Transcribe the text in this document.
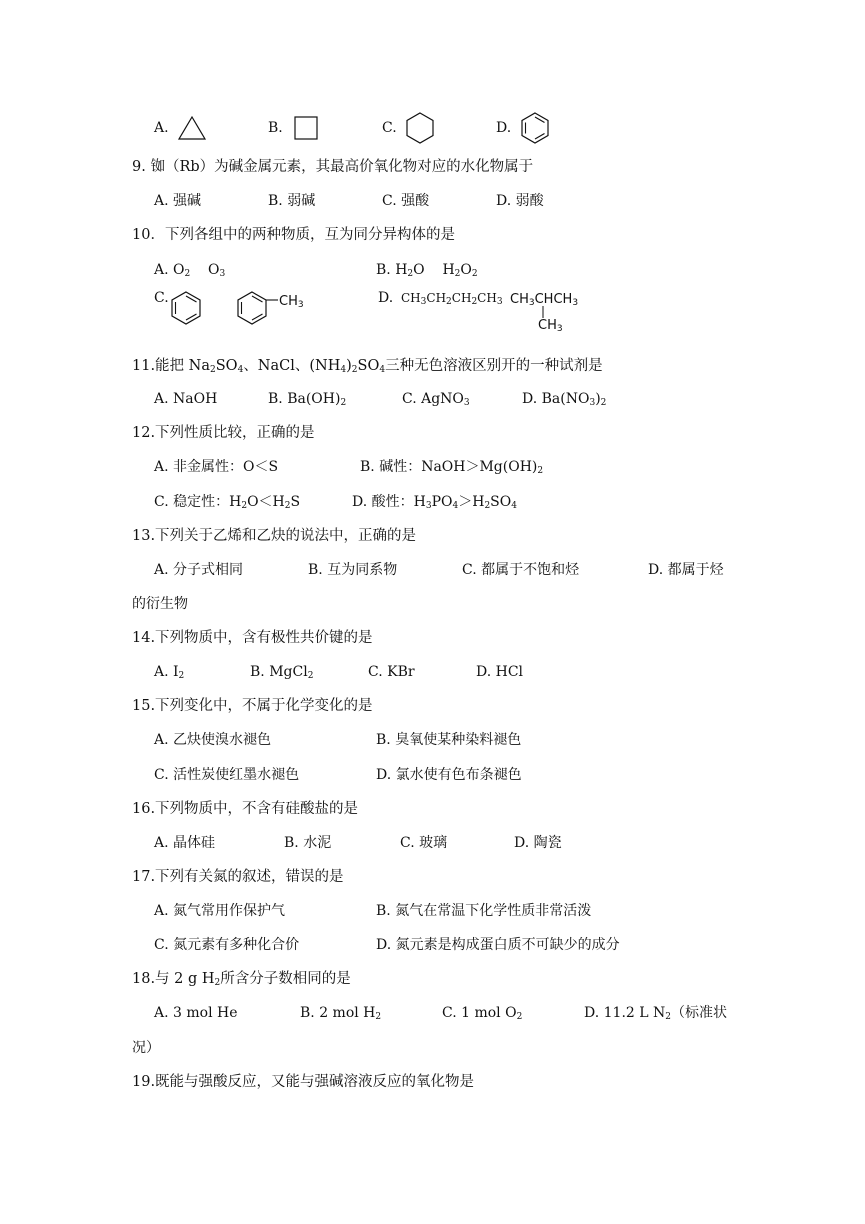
A.	B.	C.	D.
9. 铷（Rb）为碱金属元素，其最高价氧化物对应的水化物属于
A. 强碱	B. 弱碱	C. 强酸	D. 弱酸
10．下列各组中的两种物质，互为同分异构体的是
A. $O_2$ $O_3$	B. $H_2O$ $H_2O_2$
C.	$CH_3$	D. $CH_3CH_2CH_2CH_3$ $CH_3CHCH_3$
$CH_3$
11.能把 $Na_2SO_4$、NaCl、$(NH_4)_2SO_4$三种无色溶液区别开的一种试剂是
A. NaOH	B. $Ba(OH)_2$	C. AgNO$_3$	D. $Ba(NO_3)_2$
12.下列性质比较，正确的是
A. 非金属性：O＜S	B. 碱性：$NaOH>Mg(OH)_2$
C. 稳定性：$H_2O<H_2S$	D. 酸性：$H_3PO_4>H_2SO_4$
13.下列关于乙烯和乙炔的说法中，正确的是
A. 分子式相同	B. 互为同系物	C. 都属于不饱和烃	D. 都属于烃
的衍生物
14.下列物质中，含有极性共价键的是
A. $I_2$	B. MgCl$_2$	C. KBr	D. HCl
15.下列变化中，不属于化学变化的是
A. 乙炔使溴水褪色	B. 臭氧使某种染料褪色
C. 活性炭使红墨水褪色	D. 氯水使有色布条褪色
16.下列物质中，不含有硅酸盐的是
A. 晶体硅	B. 水泥	C. 玻璃	D. 陶瓷
17.下列有关氮的叙述，错误的是
A. 氮气常用作保护气	B. 氮气在常温下化学性质非常活泼
C. 氮元素有多种化合价	D. 氮元素是构成蛋白质不可缺少的成分
18.与 2 g $H_2$所含分子数相同的是
A. 3 mol He	B. 2 mol $H_2$	C. 1 mol $O_2$	D. 11.2 L $N_2$（标准状
况）
19.既能与强酸反应，又能与强碱溶液反应的氧化物是
